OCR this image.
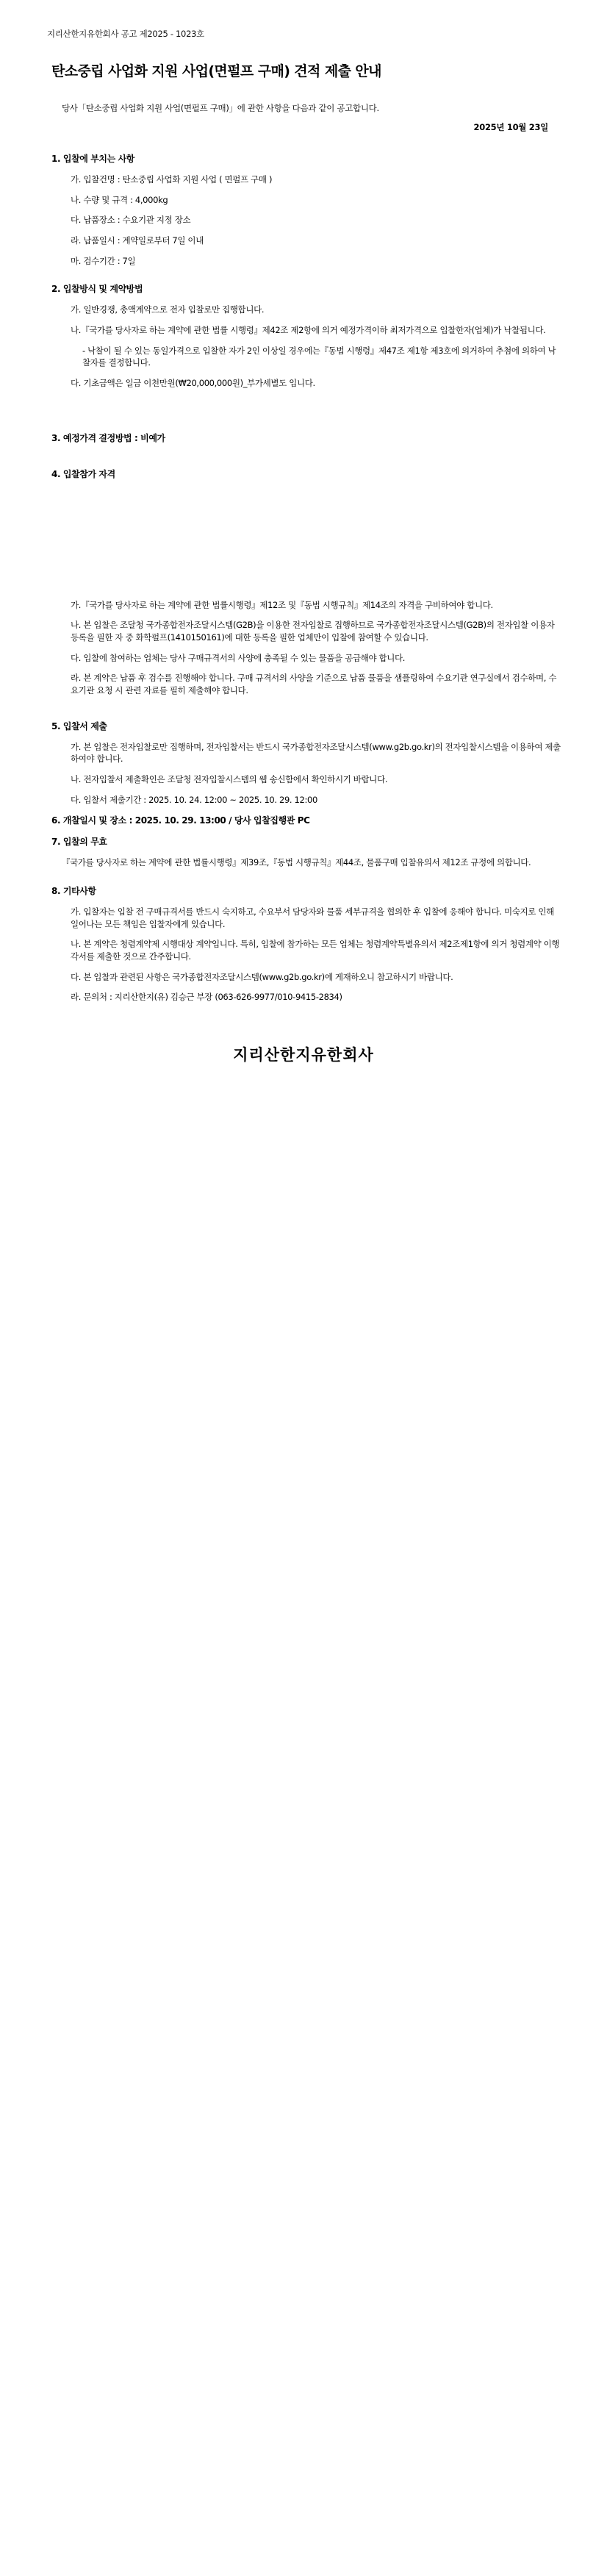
지리산한지유한회사 공고 제2025 - 1023호
탄소중립 사업화 지원 사업(면펄프 구매) 견적 제출 안내
당사「탄소중립 사업화 지원 사업(면펄프 구매)」에 관한 사항을 다음과 같이 공고합니다.
2025년 10월 23일
1. 입찰에 부치는 사항
가. 입찰건명 : 탄소중립 사업화 지원 사업 ( 면펄프 구매 )
나. 수량 및 규격 : 4,000kg
다. 납품장소 : 수요기관 지정 장소
라. 납품일시 : 계약일로부터 7일 이내
마. 검수기간 : 7일
2. 입찰방식 및 계약방법
가. 일반경쟁, 총액계약으로 전자 입찰로만 집행합니다.
나.『국가를 당사자로 하는 계약에 관한 법률 시행령』제42조 제2항에 의거 예정가격이하 최저가격으로 입찰한자(업체)가 낙찰됩니다.
- 낙찰이 될 수 있는 동일가격으로 입찰한 자가 2인 이상일 경우에는『동법 시행령』제47조 제1항 제3호에 의거하여 추첨에 의하여 낙찰자를 결정합니다.
다. 기초금액은 일금 이천만원(₩20,000,000원)_부가세별도 입니다.
3. 예정가격 결정방법 : 비예가
4. 입찰참가 자격
가.『국가를 당사자로 하는 계약에 관한 법률시행령』제12조 및『동법 시행규칙』제14조의 자격을 구비하여야 합니다.
나. 본 입찰은 조달청 국가종합전자조달시스템(G2B)을 이용한 전자입찰로 집행하므로 국가종합전자조달시스템(G2B)의 전자입찰 이용자 등록을 필한 자 중 화학펄프(1410150161)에 대한 등록을 필한 업체만이 입찰에 참여할 수 있습니다.
다. 입찰에 참여하는 업체는 당사 구매규격서의 사양에 충족될 수 있는 물품을 공급해야 합니다.
라. 본 계약은 납품 후 검수를 진행해야 합니다. 구매 규격서의 사양을 기준으로 납품 물품을 샘플링하여 수요기관 연구실에서 검수하며, 수요기관 요청 시 관련 자료를 필히 제출해야 합니다.
5. 입찰서 제출
가. 본 입찰은 전자입찰로만 집행하며, 전자입찰서는 반드시 국가종합전자조달시스템(www.g2b.go.kr)의 전자입찰시스템을 이용하여 제출하여야 합니다.
나. 전자입찰서 제출확인은 조달청 전자입찰시스템의 웹 송신함에서 확인하시기 바랍니다.
다. 입찰서 제출기간 : 2025. 10. 24. 12:00 ~ 2025. 10. 29. 12:00
6. 개찰일시 및 장소 : 2025. 10. 29. 13:00 / 당사 입찰집행관 PC
7. 입찰의 무효
『국가를 당사자로 하는 계약에 관한 법률시행령』제39조,『동법 시행규칙』제44조, 물품구매 입찰유의서 제12조 규정에 의합니다.
8. 기타사항
가. 입찰자는 입찰 전 구매규격서를 반드시 숙지하고, 수요부서 담당자와 물품 세부규격을 협의한 후 입찰에 응해야 합니다. 미숙지로 인해 일어나는 모든 책임은 입찰자에게 있습니다.
나. 본 계약은 청렴계약제 시행대상 계약입니다. 특히, 입찰에 참가하는 모든 업체는 청렴계약특별유의서 제2조제1항에 의거 청렴계약 이행각서를 제출한 것으로 간주합니다.
다. 본 입찰과 관련된 사항은 국가종합전자조달시스템(www.g2b.go.kr)에 게재하오니 참고하시기 바랍니다.
라. 문의처 : 지리산한지(유) 김승근 부장 (063-626-9977/010-9415-2834)
지리산한지유한회사
